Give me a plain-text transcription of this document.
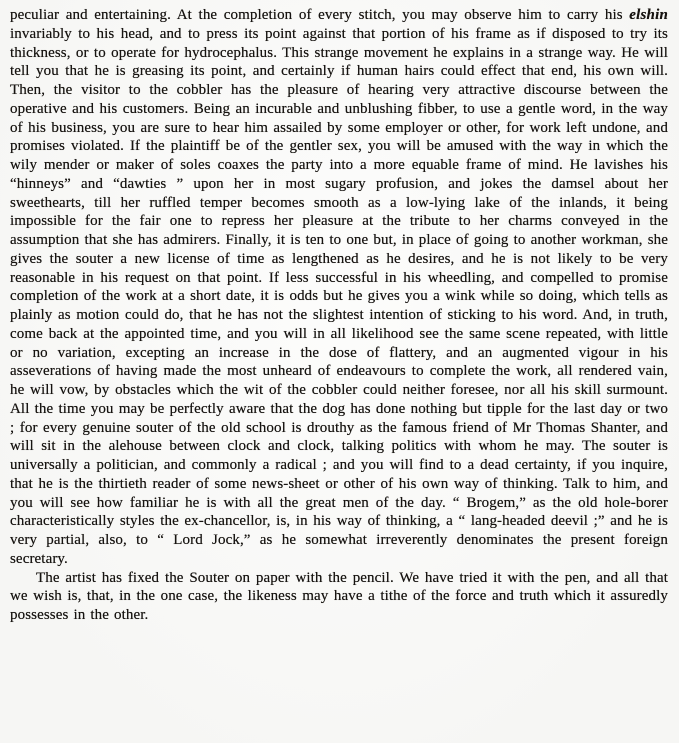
peculiar and entertaining. At the completion of every stitch, you may observe him to carry his elshin invariably to his head, and to press its point against that portion of his frame as if disposed to try its thickness, or to operate for hydrocephalus. This strange movement he explains in a strange way. He will tell you that he is greasing its point, and certainly if human hairs could effect that end, his own will. Then, the visitor to the cobbler has the pleasure of hearing very attractive discourse between the operative and his customers. Being an incurable and unblushing fibber, to use a gentle word, in the way of his business, you are sure to hear him assailed by some employer or other, for work left undone, and promises violated. If the plaintiff be of the gentler sex, you will be amused with the way in which the wily mender or maker of soles coaxes the party into a more equable frame of mind. He lavishes his “hinneys” and “dawties ” upon her in most sugary profusion, and jokes the damsel about her sweethearts, till her ruffled temper becomes smooth as a low-lying lake of the inlands, it being impossible for the fair one to repress her pleasure at the tribute to her charms conveyed in the assumption that she has admirers. Finally, it is ten to one but, in place of going to another workman, she gives the souter a new license of time as lengthened as he desires, and he is not likely to be very reasonable in his request on that point. If less successful in his wheedling, and compelled to promise completion of the work at a short date, it is odds but he gives you a wink while so doing, which tells as plainly as motion could do, that he has not the slightest intention of sticking to his word. And, in truth, come back at the appointed time, and you will in all likelihood see the same scene repeated, with little or no variation, excepting an increase in the dose of flattery, and an augmented vigour in his asseverations of having made the most unheard of endeavours to complete the work, all rendered vain, he will vow, by obstacles which the wit of the cobbler could neither foresee, nor all his skill surmount. All the time you may be perfectly aware that the dog has done nothing but tipple for the last day or two ; for every genuine souter of the old school is drouthy as the famous friend of Mr Thomas Shanter, and will sit in the alehouse between clock and clock, talking politics with whom he may. The souter is universally a politician, and commonly a radical ; and you will find to a dead certainty, if you inquire, that he is the thirtieth reader of some news-sheet or other of his own way of thinking. Talk to him, and you will see how familiar he is with all the great men of the day. “ Brogem,” as the old hole-borer characteristically styles the ex-chancellor, is, in his way of thinking, a “ lang-headed deevil ;” and he is very partial, also, to “ Lord Jock,” as he somewhat irreverently denominates the present foreign secretary.

The artist has fixed the Souter on paper with the pencil. We have tried it with the pen, and all that we wish is, that, in the one case, the likeness may have a tithe of the force and truth which it assuredly possesses in the other.
